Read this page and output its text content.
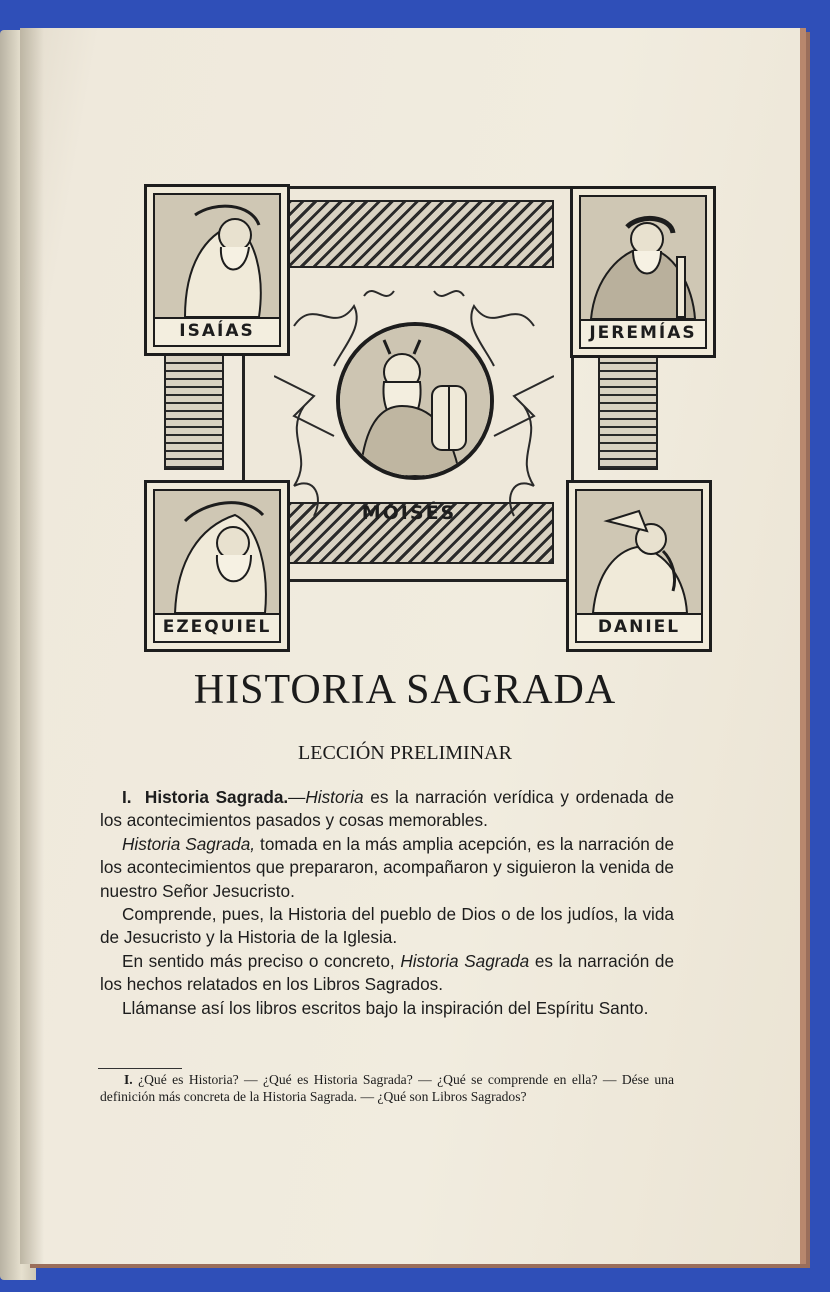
MOISÉS
ISAÍAS	JEREMÍAS
EZEQUIEL	DANIEL
HISTORIA SAGRADA
LECCIÓN PRELIMINAR

I. Historia Sagrada.—Historia es la narración verídica y ordenada de los acontecimientos pasados y cosas memorables.

Historia Sagrada, tomada en la más amplia acepción, es la narración de los acontecimientos que prepararon, acompañaron y siguieron la venida de nuestro Señor Jesucristo.

Comprende, pues, la Historia del pueblo de Dios o de los judíos, la vida de Jesucristo y la Historia de la Iglesia.

En sentido más preciso o concreto, Historia Sagrada es la narración de los hechos relatados en los Libros Sagrados.

Llámanse así los libros escritos bajo la inspiración del Espíritu Santo.

I. ¿Qué es Historia? — ¿Qué es Historia Sagrada? — ¿Qué se comprende en ella? — Dése una definición más concreta de la Historia Sagrada. — ¿Qué son Libros Sagrados?
